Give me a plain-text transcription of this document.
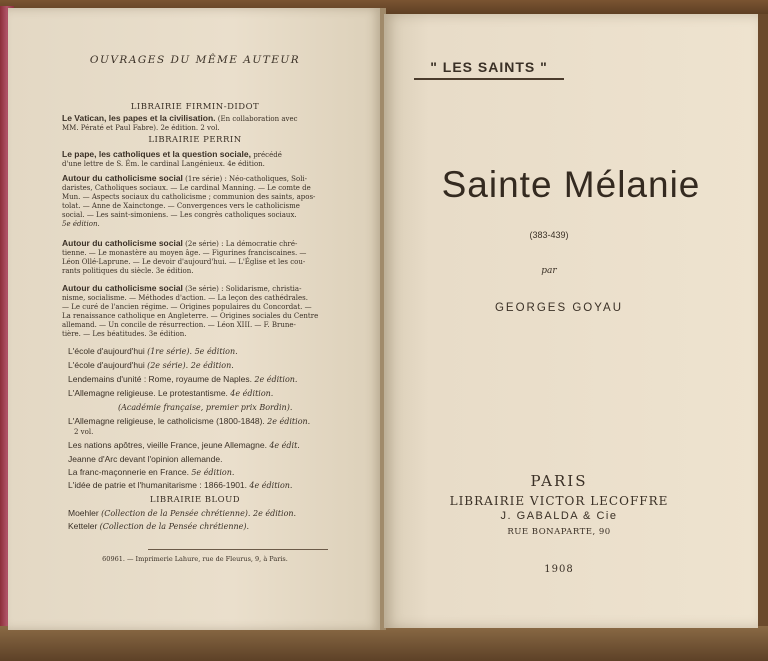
OUVRAGES DU MÊME AUTEUR
LIBRAIRIE FIRMIN-DIDOT
Le Vatican, les papes et la civilisation. (En collaboration avec
MM. Pératé et Paul Fabre). 2e édition. 2 vol.
LIBRAIRIE PERRIN
Le pape, les catholiques et la question sociale, précédé
d'une lettre de S. Ém. le cardinal Langénieux. 4e édition.
Autour du catholicisme social (1re série) : Néo-catholiques, Soli-
daristes, Catholiques sociaux. — Le cardinal Manning. — Le comte de
Mun. — Aspects sociaux du catholicisme ; communion des saints, apos-
tolat. — Anne de Xainctonge. — Convergences vers le catholicisme
social. — Les saint-simoniens. — Les congrès catholiques sociaux.
5e édition.
Autour du catholicisme social (2e série) : La démocratie chré-
tienne. — Le monastère au moyen âge. — Figurines franciscaines. —
Léon Ollé-Laprune. — Le devoir d'aujourd'hui. — L'Église et les cou-
rants politiques du siècle. 3e édition.
Autour du catholicisme social (3e série) : Solidarisme, christia-
nisme, socialisme. — Méthodes d'action. — La leçon des cathédrales.
— Le curé de l'ancien régime. — Origines populaires du Concordat. —
La renaissance catholique en Angleterre. — Origines sociales du Centre
allemand. — Un concile de résurrection. — Léon XIII. — F. Brune-
tière. — Les béatitudes. 3e édition.
L'école d'aujourd'hui (1re série). 5e édition.
L'école d'aujourd'hui (2e série). 2e édition.
Lendemains d'unité : Rome, royaume de Naples. 2e édition.
L'Allemagne religieuse. Le protestantisme. 4e édition.
(Académie française, premier prix Bordin).
L'Allemagne religieuse, le catholicisme (1800-1848). 2e édition.
2 vol.
Les nations apôtres, vieille France, jeune Allemagne. 4e édit.
Jeanne d'Arc devant l'opinion allemande.
La franc-maçonnerie en France. 5e édition.
L'idée de patrie et l'humanitarisme : 1866-1901. 4e édition.
LIBRAIRIE BLOUD
Moehler (Collection de la Pensée chrétienne). 2e édition.
Ketteler (Collection de la Pensée chrétienne).
60961. — Imprimerie Lahure, rue de Fleurus, 9, à Paris.
" LES SAINTS "
Sainte Mélanie
(383-439)
par
GEORGES GOYAU
PARIS
LIBRAIRIE VICTOR LECOFFRE
J. GABALDA & Cie
RUE BONAPARTE, 90
1908
